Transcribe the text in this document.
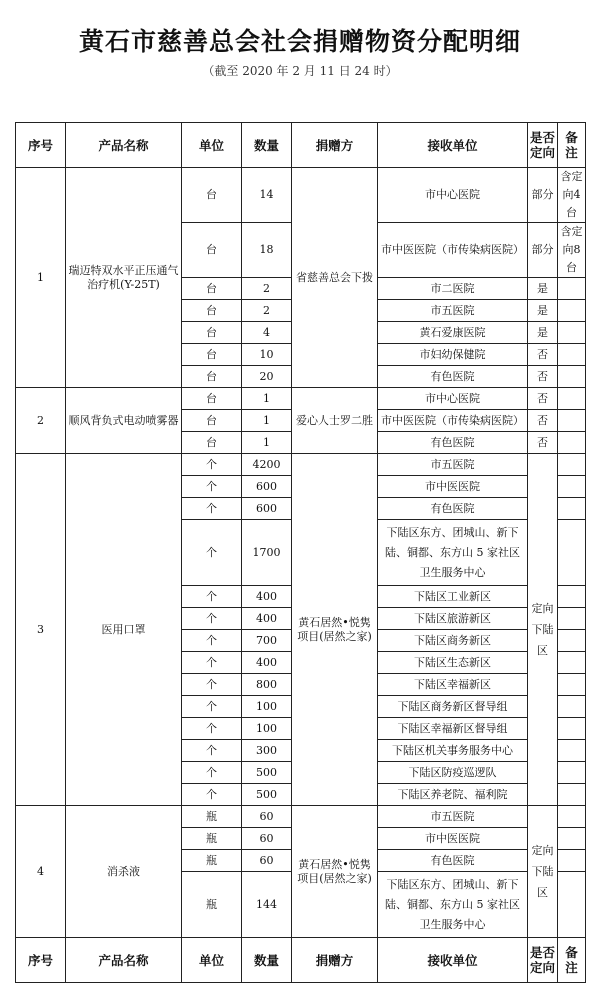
黄石市慈善总会社会捐赠物资分配明细
（截至 2020 年 2 月 11 日 24 时）
序号	产品名称	单位	数量	捐赠方	接收单位	是否定向	备注
1	瑞迈特双水平正压通气治疗机(Y-25T)	台	14	省慈善总会下拨	市中心医院	部分	含定向4台
		台	18		市中医医院（市传染病医院）	部分	含定向8台
		台	2		市二医院	是	
		台	2		市五医院	是	
		台	4		黄石爱康医院	是	
		台	10		市妇幼保健院	否	
		台	20		有色医院	否	
2	顺风背负式电动喷雾器	台	1	爱心人士罗二胜	市中心医院	否	
		台	1		市中医医院（市传染病医院）	否	
		台	1		有色医院	否	
3	医用口罩	个	4200	黄石居然•悦隽项目(居然之家)	市五医院	定向下陆区	
		个	600		市中医医院		
		个	600		有色医院		
		个	1700		下陆区东方、团城山、新下陆、铜都、东方山 5 家社区卫生服务中心		
		个	400		下陆区工业新区		
		个	400		下陆区旅游新区		
		个	700		下陆区商务新区		
		个	400		下陆区生态新区		
		个	800		下陆区幸福新区		
		个	100		下陆区商务新区督导组		
		个	100		下陆区幸福新区督导组		
		个	300		下陆区机关事务服务中心		
		个	500		下陆区防疫巡逻队		
		个	500		下陆区养老院、福利院		
4	消杀液	瓶	60	黄石居然•悦隽项目(居然之家)	市五医院	定向下陆区	
		瓶	60		市中医医院		
		瓶	60		有色医院		
		瓶	144		下陆区东方、团城山、新下陆、铜都、东方山 5 家社区卫生服务中心		
序号	产品名称	单位	数量	捐赠方	接收单位	是否定向	备注
